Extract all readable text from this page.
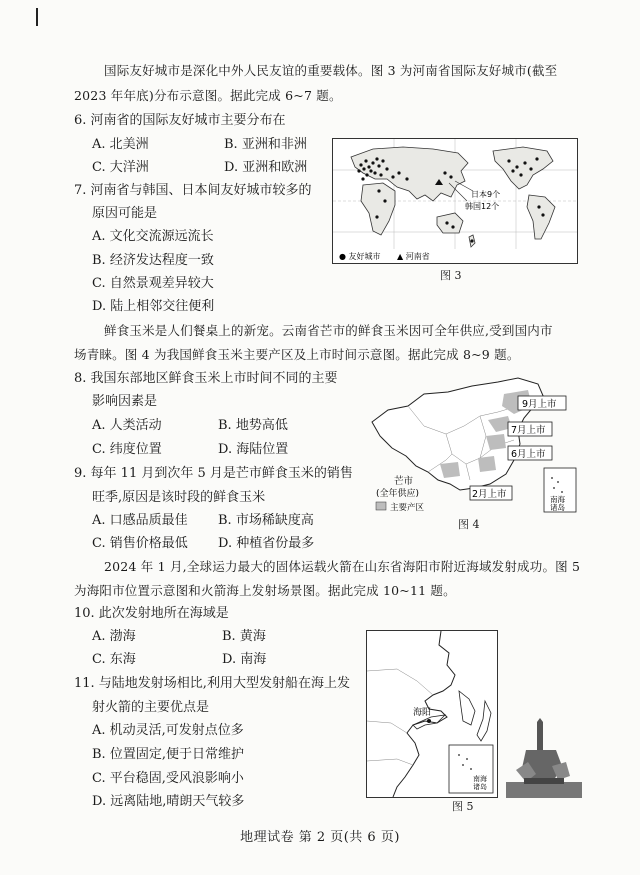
国际友好城市是深化中外人民友谊的重要载体。图 3 为河南省国际友好城市(截至
2023 年年底)分布示意图。据此完成 6~7 题。
6. 河南省的国际友好城市主要分布在
A. 北美洲	B. 亚洲和非洲
C. 大洋洲	D. 亚洲和欧洲
7. 河南省与韩国、日本间友好城市较多的
原因可能是
A. 文化交流源远流长
B. 经济发达程度一致
C. 自然景观差异较大
D. 陆上相邻交往便利
日本9个
韩国12个
● 友好城市 ▲ 河南省
图 3
鲜食玉米是人们餐桌上的新宠。云南省芒市的鲜食玉米因可全年供应,受到国内市
场青睐。图 4 为我国鲜食玉米主要产区及上市时间示意图。据此完成 8~9 题。
8. 我国东部地区鲜食玉米上市时间不同的主要
影响因素是
A. 人类活动	B. 地势高低
C. 纬度位置	D. 海陆位置
9. 每年 11 月到次年 5 月是芒市鲜食玉米的销售
旺季,原因是该时段的鲜食玉米
A. 口感品质最佳 B. 市场稀缺度高
C. 销售价格最低 D. 种植省份最多
9月上市
7月上市
6月上市
2月上市
芒市
(全年供应)
主要产区
南海
诸岛
图 4
2024 年 1 月,全球运力最大的固体运载火箭在山东省海阳市附近海域发射成功。图 5
为海阳市位置示意图和火箭海上发射场景图。据此完成 10~11 题。
10. 此次发射地所在海域是
A. 渤海	B. 黄海
C. 东海	D. 南海
11. 与陆地发射场相比,利用大型发射船在海上发
射火箭的主要优点是
A. 机动灵活,可发射点位多
B. 位置固定,便于日常维护
C. 平台稳固,受风浪影响小
D. 远离陆地,晴朗天气较多
海阳
南海
诸岛
图 5
地理试卷 第 2 页(共 6 页)
